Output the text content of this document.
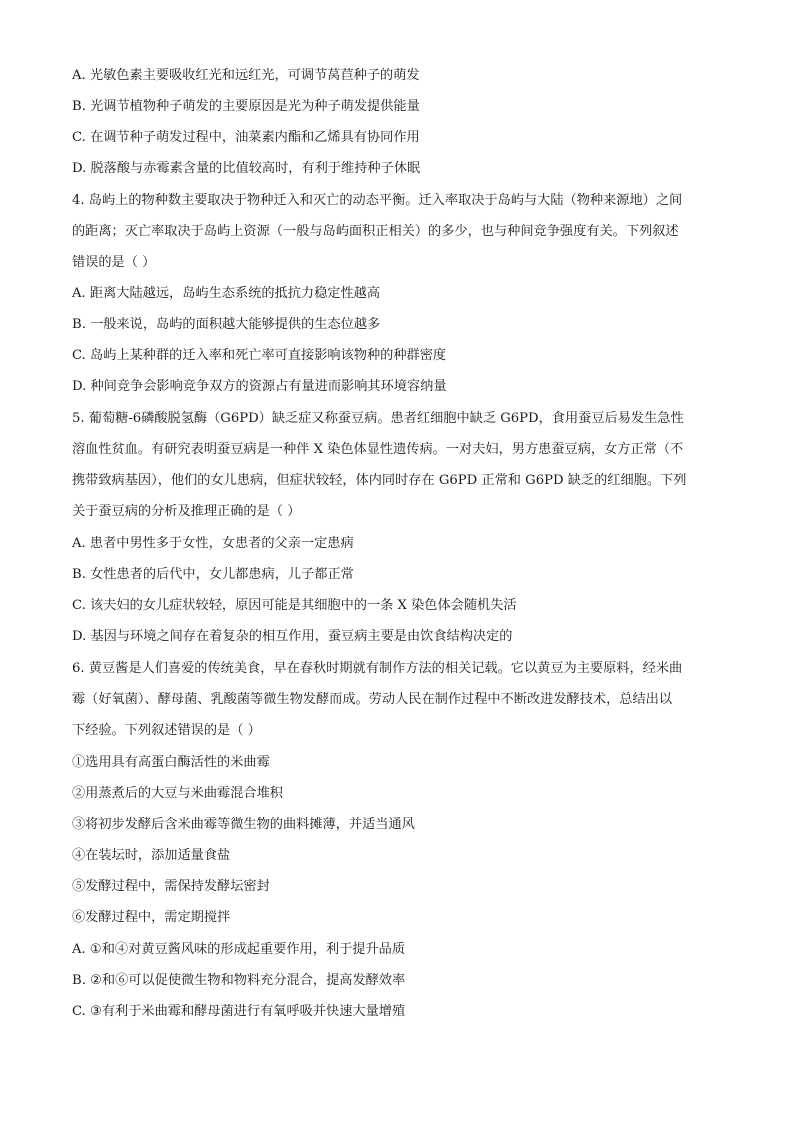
A. 光敏色素主要吸收红光和远红光，可调节莴苣种子的萌发
B. 光调节植物种子萌发的主要原因是光为种子萌发提供能量
C. 在调节种子萌发过程中，油菜素内酯和乙烯具有协同作用
D. 脱落酸与赤霉素含量的比值较高时，有利于维持种子休眠
4. 岛屿上的物种数主要取决于物种迁入和灭亡的动态平衡。迁入率取决于岛屿与大陆（物种来源地）之间
的距离；灭亡率取决于岛屿上资源（一般与岛屿面积正相关）的多少，也与种间竞争强度有关。下列叙述
错误的是（ ）
A. 距离大陆越远，岛屿生态系统的抵抗力稳定性越高
B. 一般来说，岛屿的面积越大能够提供的生态位越多
C. 岛屿上某种群的迁入率和死亡率可直接影响该物种的种群密度
D. 种间竞争会影响竞争双方的资源占有量进而影响其环境容纳量
5. 葡萄糖-6磷酸脱氢酶（G6PD）缺乏症又称蚕豆病。患者红细胞中缺乏 G6PD，食用蚕豆后易发生急性
溶血性贫血。有研究表明蚕豆病是一种伴 X 染色体显性遗传病。一对夫妇，男方患蚕豆病，女方正常（不
携带致病基因），他们的女儿患病，但症状较轻，体内同时存在 G6PD 正常和 G6PD 缺乏的红细胞。下列
关于蚕豆病的分析及推理正确的是（ ）
A. 患者中男性多于女性，女患者的父亲一定患病
B. 女性患者的后代中，女儿都患病，儿子都正常
C. 该夫妇的女儿症状较轻，原因可能是其细胞中的一条 X 染色体会随机失活
D. 基因与环境之间存在着复杂的相互作用，蚕豆病主要是由饮食结构决定的
6. 黄豆酱是人们喜爱的传统美食，早在春秋时期就有制作方法的相关记载。它以黄豆为主要原料，经米曲
霉（好氧菌）、酵母菌、乳酸菌等微生物发酵而成。劳动人民在制作过程中不断改进发酵技术，总结出以
下经验。下列叙述错误的是（ ）
①选用具有高蛋白酶活性的米曲霉
②用蒸煮后的大豆与米曲霉混合堆积
③将初步发酵后含米曲霉等微生物的曲料摊薄，并适当通风
④在装坛时，添加适量食盐
⑤发酵过程中，需保持发酵坛密封
⑥发酵过程中，需定期搅拌
A. ①和④对黄豆酱风味的形成起重要作用，利于提升品质
B. ②和⑥可以促使微生物和物料充分混合，提高发酵效率
C. ③有利于米曲霉和酵母菌进行有氧呼吸并快速大量增殖
